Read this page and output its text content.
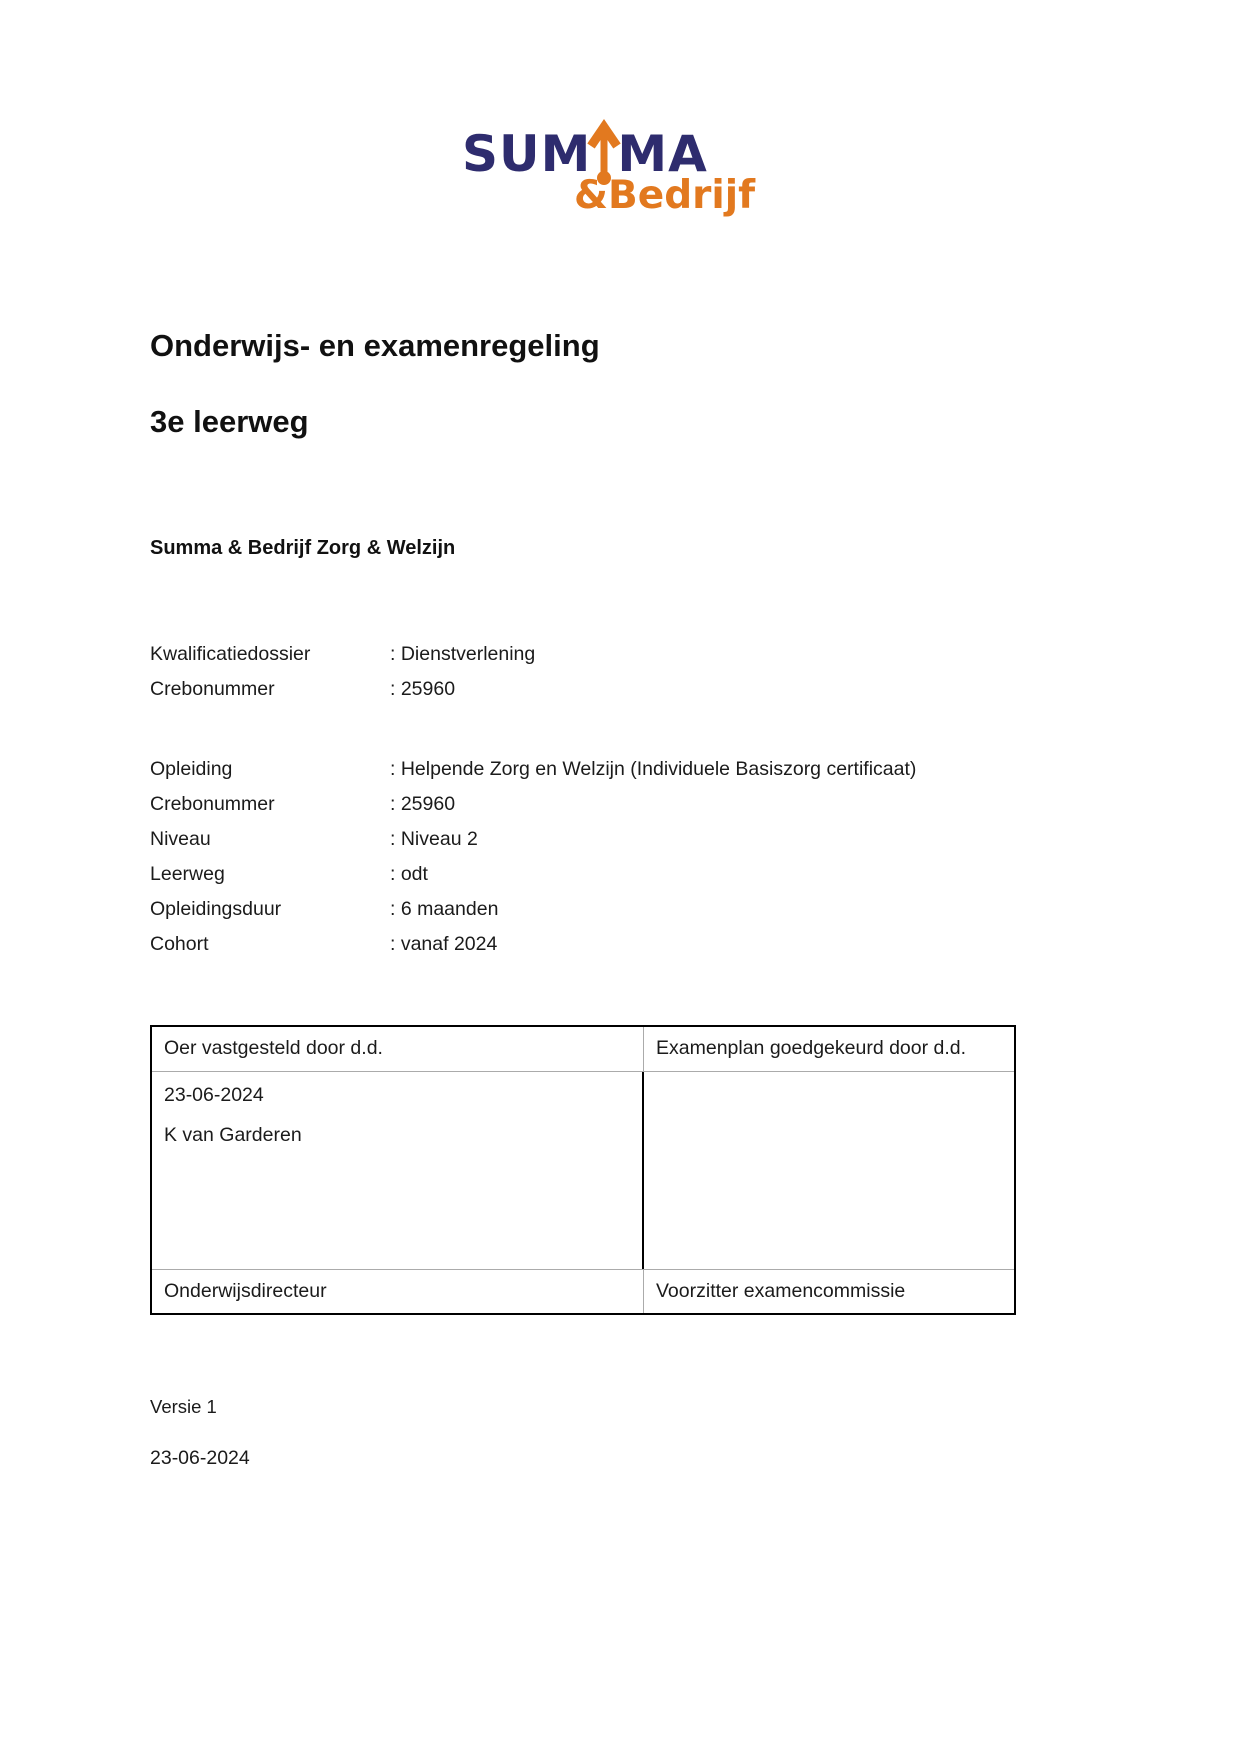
SUM MA
&Bedrijf
Onderwijs- en examenregeling
3e leerweg
Summa & Bedrijf Zorg & Welzijn
Kwalificatiedossier	: Dienstverlening
Crebonummer	: 25960
Opleiding	: Helpende Zorg en Welzijn (Individuele Basiszorg certificaat)
Crebonummer	: 25960
Niveau	: Niveau 2
Leerweg	: odt
Opleidingsduur	: 6 maanden
Cohort	: vanaf 2024
Oer vastgesteld door d.d.	Examenplan goedgekeurd door d.d.
23-06-2024
K van Garderen
Onderwijsdirecteur	Voorzitter examencommissie
Versie 1
23-06-2024
